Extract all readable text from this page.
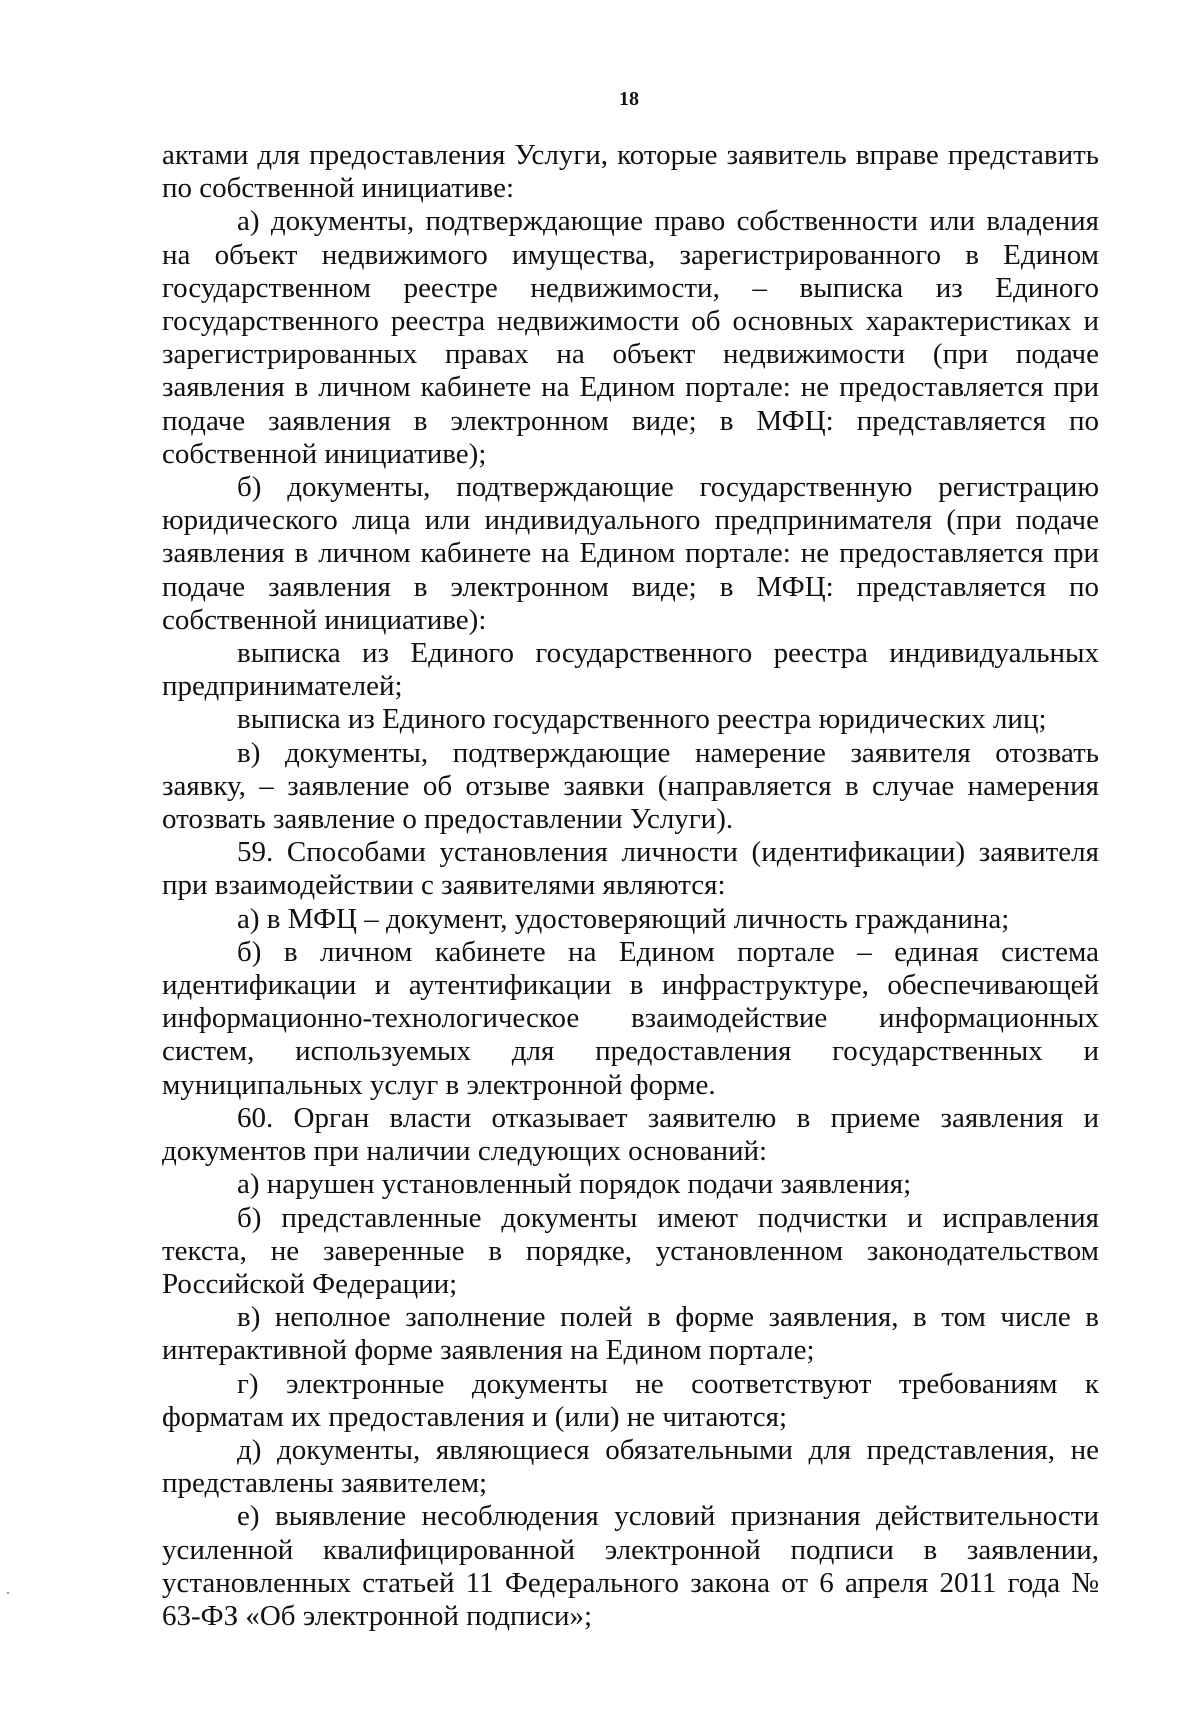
18

актами для предоставления Услуги, которые заявитель вправе представить по собственной инициативе:

а) документы, подтверждающие право собственности или владения на объект недвижимого имущества, зарегистрированного в Едином государственном реестре недвижимости, – выписка из Единого государственного реестра недвижимости об основных характеристиках и зарегистрированных правах на объект недвижимости (при подаче заявления в личном кабинете на Едином портале: не предоставляется при подаче заявления в электронном виде; в МФЦ: представляется по собственной инициативе);

б) документы, подтверждающие государственную регистрацию юридического лица или индивидуального предпринимателя (при подаче заявления в личном кабинете на Едином портале: не предоставляется при подаче заявления в электронном виде; в МФЦ: представляется по собственной инициативе):

выписка из Единого государственного реестра индивидуальных предпринимателей;

выписка из Единого государственного реестра юридических лиц;

в) документы, подтверждающие намерение заявителя отозвать заявку, – заявление об отзыве заявки (направляется в случае намерения отозвать заявление о предоставлении Услуги).

59. Способами установления личности (идентификации) заявителя при взаимодействии с заявителями являются:

а) в МФЦ – документ, удостоверяющий личность гражданина;

б) в личном кабинете на Едином портале – единая система идентификации и аутентификации в инфраструктуре, обеспечивающей информационно-технологическое взаимодействие информационных систем, используемых для предоставления государственных и муниципальных услуг в электронной форме.

60. Орган власти отказывает заявителю в приеме заявления и документов при наличии следующих оснований:

а) нарушен установленный порядок подачи заявления;

б) представленные документы имеют подчистки и исправления текста, не заверенные в порядке, установленном законодательством Российской Федерации;

в) неполное заполнение полей в форме заявления, в том числе в интерактивной форме заявления на Едином портале;

г) электронные документы не соответствуют требованиям к форматам их предоставления и (или) не читаются;

д) документы, являющиеся обязательными для представления, не представлены заявителем;

е) выявление несоблюдения условий признания действительности усиленной квалифицированной электронной подписи в заявлении, установленных статьей 11 Федерального закона от 6 апреля 2011 года № 63-ФЗ «Об электронной подписи»;
